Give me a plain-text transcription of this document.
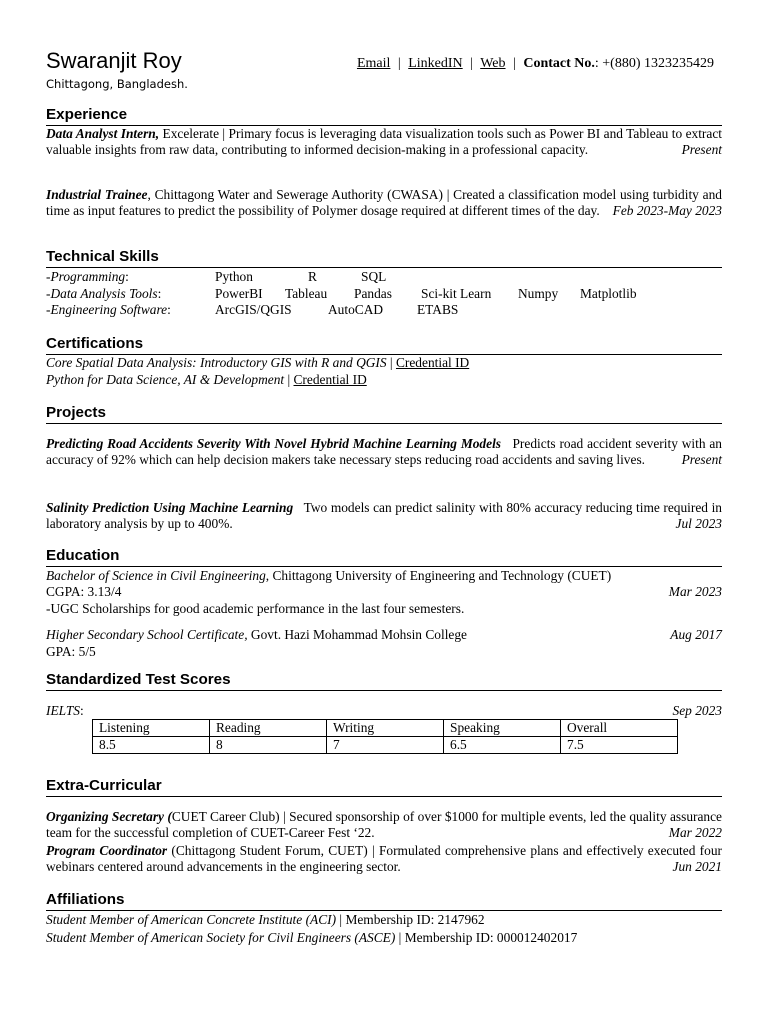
Swaranjit Roy
Chittagong, Bangladesh.
Email | LinkedIN | Web | Contact No.: +(880) 1323235429
Experience
Data Analyst Intern, Excelerate | Primary focus is leveraging data visualization tools such as Power BI and Tableau to extract valuable insights from raw data, contributing to informed decision-making in a professional capacity.	Present
Industrial Trainee, Chittagong Water and Sewerage Authority (CWASA) | Created a classification model using turbidity and time as input features to predict the possibility of Polymer dosage required at different times of the day. Feb 2023-May 2023
Technical Skills
-Programming:	Python	R	SQL
-Data Analysis Tools:	PowerBI Tableau Pandas Sci-kit Learn Numpy Matplotlib
-Engineering Software:	ArcGIS/QGIS	AutoCAD	ETABS
Certifications
Core Spatial Data Analysis: Introductory GIS with R and QGIS | Credential ID
Python for Data Science, AI & Development | Credential ID
Projects
Predicting Road Accidents Severity With Novel Hybrid Machine Learning Models   Predicts road accident severity with an accuracy of 92% which can help decision makers take necessary steps reducing road accidents and saving lives.	Present
Salinity Prediction Using Machine Learning   Two models can predict salinity with 80% accuracy reducing time required in laboratory analysis by up to 400%.	Jul 2023
Education
Bachelor of Science in Civil Engineering, Chittagong University of Engineering and Technology (CUET)
CGPA: 3.13/4	Mar 2023
-UGC Scholarships for good academic performance in the last four semesters.
Higher Secondary School Certificate, Govt. Hazi Mohammad Mohsin College	Aug 2017
GPA: 5/5
Standardized Test Scores
IELTS:	Sep 2023
Listening	Reading	Writing	Speaking	Overall
8.5	8	7	6.5	7.5
Extra-Curricular
Organizing Secretary (CUET Career Club) | Secured sponsorship of over $1000 for multiple events, led the quality assurance team for the successful completion of CUET-Career Fest ‘22.	Mar 2022
Program Coordinator (Chittagong Student Forum, CUET) | Formulated comprehensive plans and effectively executed four webinars centered around advancements in the engineering sector.	Jun 2021
Affiliations
Student Member of American Concrete Institute (ACI) | Membership ID: 2147962
Student Member of American Society for Civil Engineers (ASCE) | Membership ID: 000012402017
